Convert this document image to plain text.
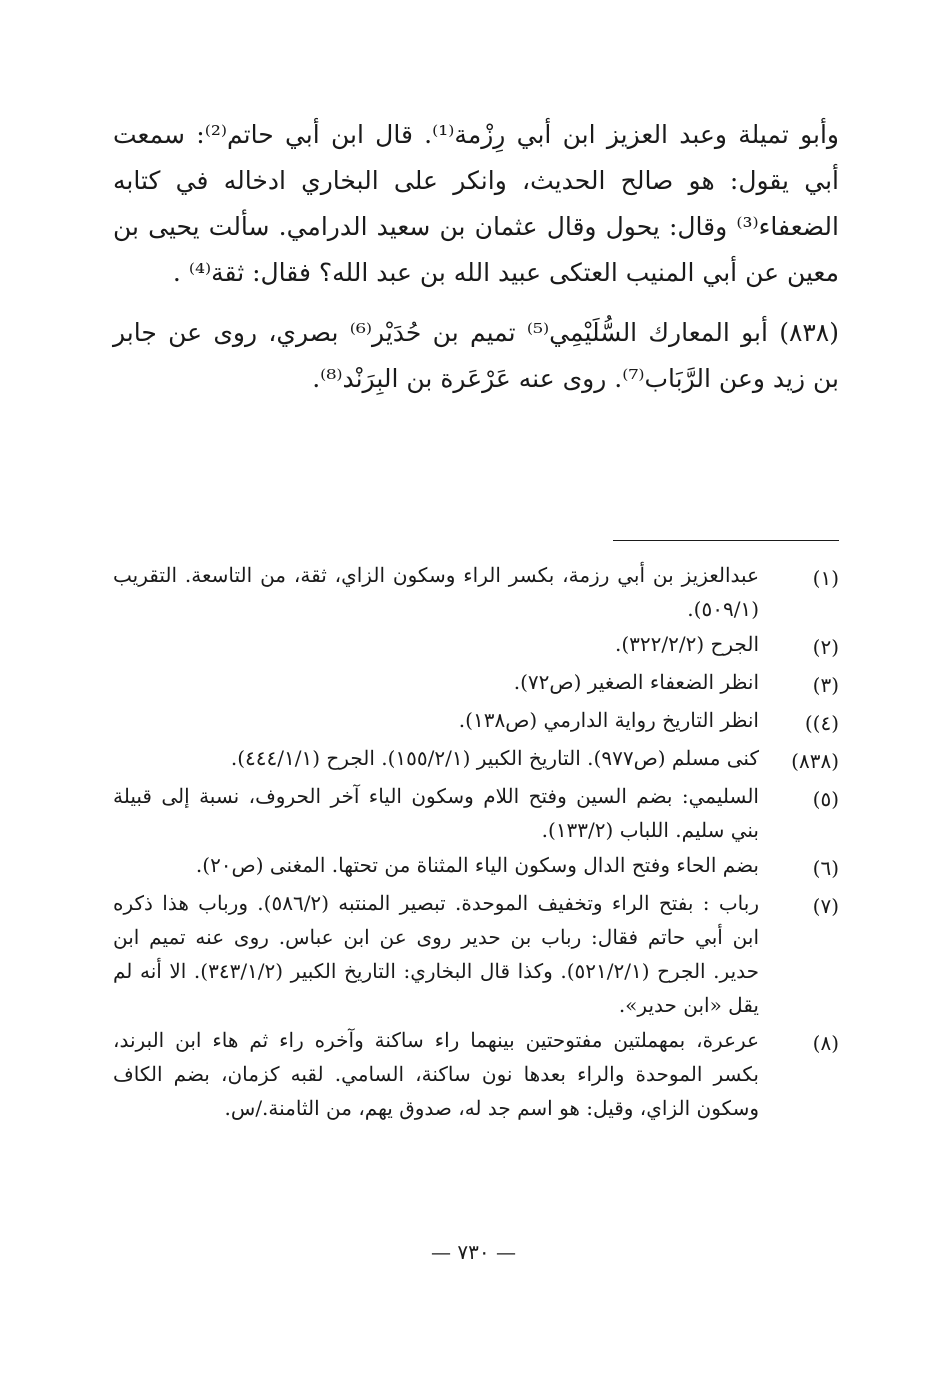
وأبو تميلة وعبد العزيز ابن أبي رِزْمة⁽¹⁾. قال ابن أبي حاتم⁽²⁾: سمعت أبي يقول: هو صالح الحديث، وانكر على البخاري ادخاله في كتابه الضعفاء⁽³⁾ وقال: يحول وقال عثمان بن سعيد الدرامي. سألت يحيى بن معين عن أبي المنيب العتكى عبيد الله بن عبد الله؟ فقال: ثقة⁽⁴⁾ .

(٨٣٨) أبو المعارك السُّلَيْمِي⁽⁵⁾ تميم بن حُدَيْر⁽⁶⁾ بصري، روى عن جابر بن زيد وعن الرَّبَاب⁽⁷⁾. روى عنه عَرْعَرة بن البِرَنْد⁽⁸⁾.

(١)
عبدالعزيز بن أبي رزمة، بكسر الراء وسكون الزاي، ثقة، من التاسعة. التقريب (٥٠٩/١).
(٢)
الجرح (٣٢٢/٢/٢).
(٣)
انظر الضعفاء الصغير (ص٧٢).
(٤))
انظر التاريخ رواية الدارمي (ص١٣٨).
(٨٣٨)
كنى مسلم (ص٩٧٧). التاريخ الكبير (١٥٥/٢/١). الجرح (٤٤٤/١/١).
(٥)
السليمي: بضم السين وفتح اللام وسكون الياء آخر الحروف، نسبة إلى قبيلة بني سليم. اللباب (١٣٣/٢).
(٦)
بضم الحاء وفتح الدال وسكون الياء المثناة من تحتها. المغنى (ص٢٠).
(٧)
رباب : بفتح الراء وتخفيف الموحدة. تبصير المنتبه (٥٨٦/٢). ورباب هذا ذكره ابن أبي حاتم فقال: رباب بن حدير روى عن ابن عباس. روى عنه تميم ابن حدير. الجرح (٥٢١/٢/١). وكذا قال البخاري: التاريخ الكبير (٣٤٣/١/٢). الا أنه لم يقل «ابن حدير».
(٨)
عرعرة، بمهملتين مفتوحتين بينهما راء ساكنة وآخره راء ثم هاء ابن البرند، بكسر الموحدة والراء بعدها نون ساكنة، السامي. لقبه كزمان، بضم الكاف وسكون الزاي، وقيل: هو اسم جد له، صدوق يهم، من الثامنة./س.
— ٧٣٠ —
